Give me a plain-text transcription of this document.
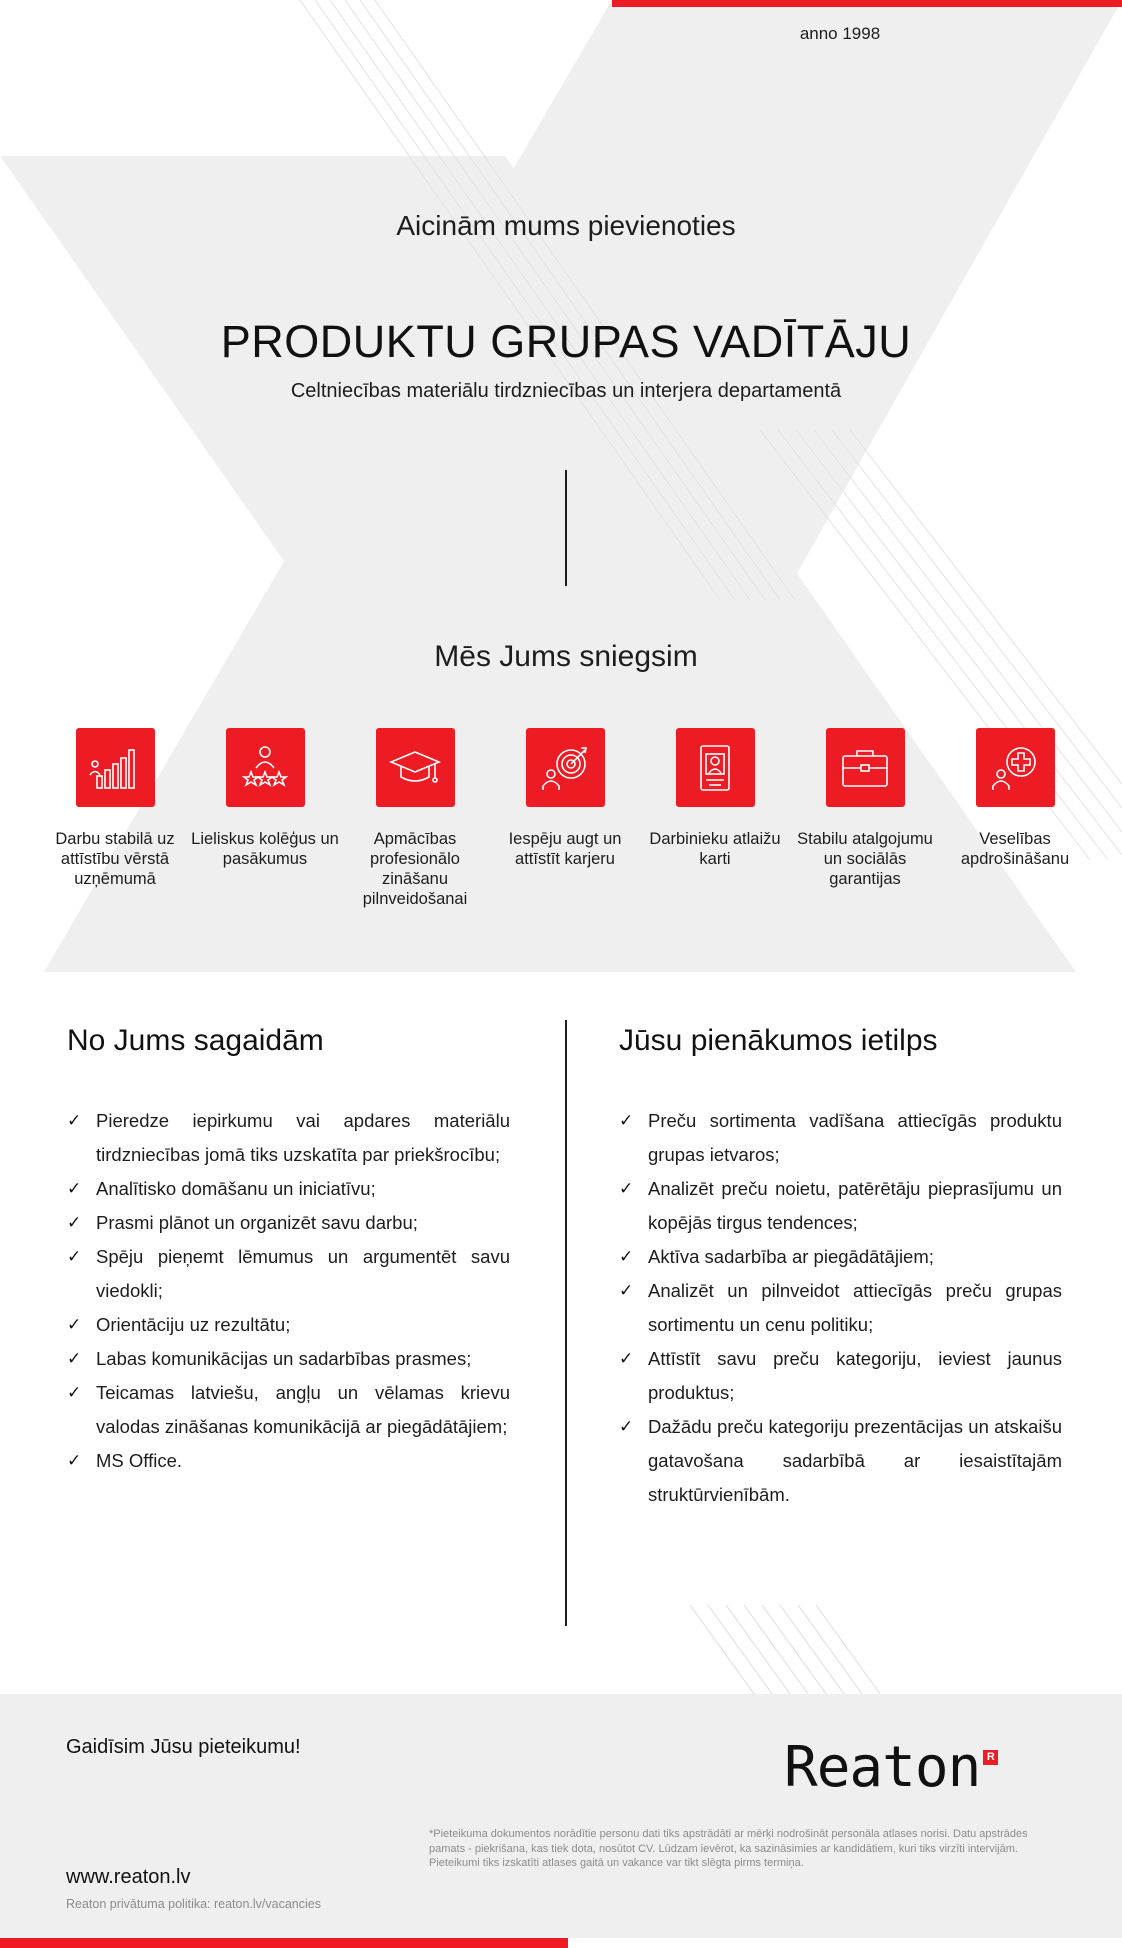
anno 1998
Aicinām mums pievienoties
PRODUKTU GRUPAS VADĪTĀJU
Celtniecības materiālu tirdzniecības un interjera departamentā
Mēs Jums sniegsim
Darbu stabilā uz attīstību vērstā uzņēmumā
Lieliskus kolēģus un pasākumus
Apmācības profesionālo zināšanu pilnveidošanai
Iespēju augt un attīstīt karjeru
Darbinieku atlaižu karti
Stabilu atalgojumu un sociālās garantijas
Veselības apdrošināšanu
No Jums sagaidām	Jūsu pienākumos ietilps
✓ Pieredze iepirkumu vai apdares materiālu tirdzniecības jomā tiks uzskatīta par priekšrocību;
✓ Analītisko domāšanu un iniciatīvu;
✓ Prasmi plānot un organizēt savu darbu;
✓ Spēju pieņemt lēmumus un argumentēt savu viedokli;
✓ Orientāciju uz rezultātu;
✓ Labas komunikācijas un sadarbības prasmes;
✓ Teicamas latviešu, angļu un vēlamas krievu valodas zināšanas komunikācijā ar piegādātājiem;
✓ MS Office.
✓ Preču sortimenta vadīšana attiecīgās produktu grupas ietvaros;
✓ Analizēt preču noietu, patērētāju pieprasījumu un kopējās tirgus tendences;
✓ Aktīva sadarbība ar piegādātājiem;
✓ Analizēt un pilnveidot attiecīgās preču grupas sortimentu un cenu politiku;
✓ Attīstīt savu preču kategoriju, ieviest jaunus produktus;
✓ Dažādu preču kategoriju prezentācijas un atskaišu gatavošana sadarbībā ar iesaistītajām struktūrvienībām.
Gaidīsim Jūsu pieteikumu!	Reaton R
*Pieteikuma dokumentos norādītie personu dati tiks apstrādāti ar mērķi nodrošināt personāla atlases norisi. Datu apstrādes pamats - piekrišana, kas tiek dota, nosūtot CV. Lūdzam ievērot, ka sazināsimies ar kandidātiem, kuri tiks virzīti intervijām. Pieteikumi tiks izskatīti atlases gaitā un vakance var tikt slēgta pirms termiņa.
www.reaton.lv
Reaton privātuma politika: reaton.lv/vacancies
